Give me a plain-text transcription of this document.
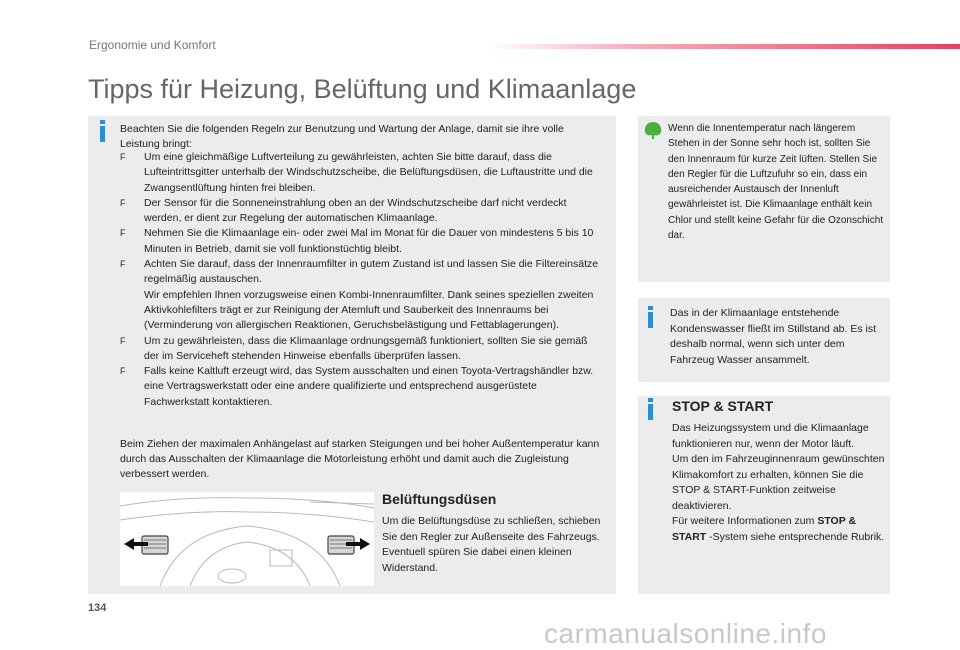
Ergonomie und Komfort
Tipps für Heizung, Belüftung und Klimaanlage

Beachten Sie die folgenden Regeln zur Benutzung und Wartung der Anlage, damit sie ihre volle Leistung bringt:

F Um eine gleichmäßige Luftverteilung zu gewährleisten, achten Sie bitte darauf, dass die Lufteintrittsgitter unterhalb der Windschutzscheibe, die Belüftungsdüsen, die Luftaustritte und die Zwangsentlüftung hinten frei bleiben.
F Der Sensor für die Sonneneinstrahlung oben an der Windschutzscheibe darf nicht verdeckt werden, er dient zur Regelung der automatischen Klimaanlage.
F Nehmen Sie die Klimaanlage ein- oder zwei Mal im Monat für die Dauer von mindestens 5 bis 10 Minuten in Betrieb, damit sie voll funktionstüchtig bleibt.
F Achten Sie darauf, dass der Innenraumfilter in gutem Zustand ist und lassen Sie die Filtereinsätze regelmäßig austauschen.
Wir empfehlen Ihnen vorzugsweise einen Kombi-Innenraumfilter. Dank seines speziellen zweiten Aktivkohlefilters trägt er zur Reinigung der Atemluft und Sauberkeit des Innenraums bei (Verminderung von allergischen Reaktionen, Geruchsbelästigung und Fettablagerungen).
F Um zu gewährleisten, dass die Klimaanlage ordnungsgemäß funktioniert, sollten Sie sie gemäß der im Serviceheft stehenden Hinweise ebenfalls überprüfen lassen.
F Falls keine Kaltluft erzeugt wird, das System ausschalten und einen Toyota-Vertragshändler bzw. eine Vertragswerkstatt oder eine andere qualifizierte und entsprechend ausgerüstete Fachwerkstatt kontaktieren.

Beim Ziehen der maximalen Anhängelast auf starken Steigungen und bei hoher Außentemperatur kann durch das Ausschalten der Klimaanlage die Motorleistung erhöht und damit auch die Zugleistung verbessert werden.

Belüftungsdüsen

Um die Belüftungsdüse zu schließen, schieben Sie den Regler zur Außenseite des Fahrzeugs. Eventuell spüren Sie dabei einen kleinen Widerstand.

Wenn die Innentemperatur nach längerem Stehen in der Sonne sehr hoch ist, sollten Sie den Innenraum für kurze Zeit lüften. Stellen Sie den Regler für die Luftzufuhr so ein, dass ein ausreichender Austausch der Innenluft gewährleistet ist. Die Klimaanlage enthält kein Chlor und stellt keine Gefahr für die Ozonschicht dar.

Das in der Klimaanlage entstehende Kondenswasser fließt im Stillstand ab. Es ist deshalb normal, wenn sich unter dem Fahrzeug Wasser ansammelt.

STOP & START
Das Heizungssystem und die Klimaanlage funktionieren nur, wenn der Motor läuft.
Um den im Fahrzeuginnenraum gewünschten Klimakomfort zu erhalten, können Sie die STOP & START-Funktion zeitweise deaktivieren.
Für weitere Informationen zum STOP & START -System siehe entsprechende Rubrik.
134
carmanualsonline.info
